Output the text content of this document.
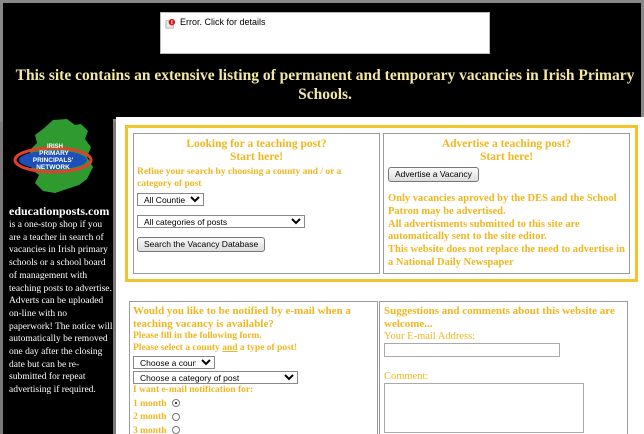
Error. Click for details
This site contains an extensive listing of permanent and temporary vacancies in Irish Primary Schools.
IRISH
PRIMARY
PRINCIPALS'
NETWORK
educationposts.com
is a one-stop shop if you are a teacher in search of vacancies in Irish primary schools or a school board of management with teaching posts to advertise. Adverts can be uploaded on-line with no paperwork! The notice will automatically be removed one day after the closing date but can be re-submitted for repeat advertising if required.
Looking for a teaching post?
Start here!
Refine your search by choosing a county and / or a category of post
All Counties
All categories of posts Search the Vacancy Database
Advertise a teaching post?
Start here!
Advertise a Vacancy
Only vacancies aproved by the DES and the School Patron may be advertised.
All advertisments submitted to this site are automatically sent to the site editor.
This website does not replace the need to advertise in a National Daily Newspaper
Would you like to be notified by e-mail when a teaching vacancy is available?
Please fill in the following form.
Please select a county and a type of post!
Choose a county
Choose a category of post
I want e-mail notification for:
1 month
2 month
3 month
Suggestions and comments about this website are welcome...
Your E-mail Address:
Comment:
